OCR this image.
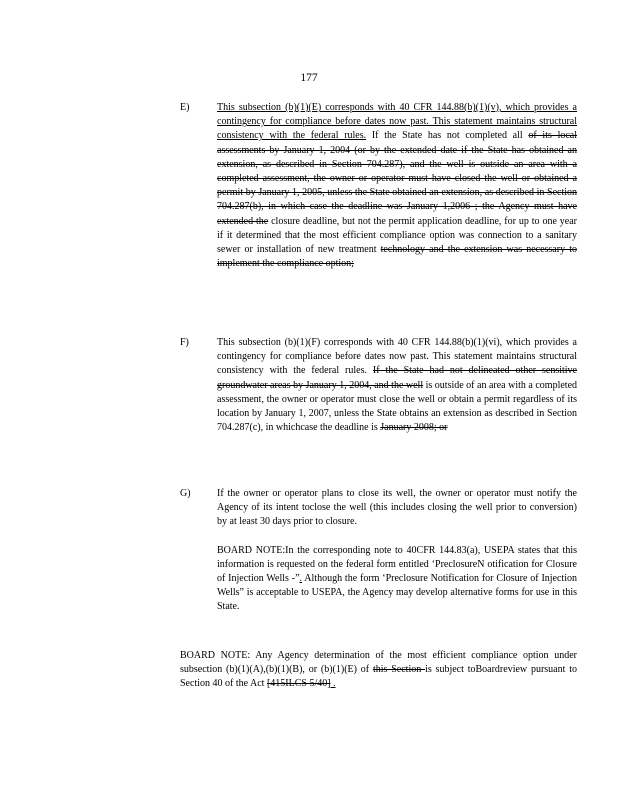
177
E)	This subsection (b)(1)(E) corresponds with 40 CFR 144.88(b)(1)(v), which provides a contingency for compliance before dates now past. This statement maintains structural consistency with the federal rules. If the State has not completed all of its local assessments by January 1, 2004 (or by the extended date if the State has obtained an extension, as described in Section 704.287), and the well is outside an area with a completed assessment, the owner or operator must have closed the well or obtained a permit by January 1, 2005, unless the State obtained an extension, as described in Section 704.287(b), in which case the deadline was January 1,2006 ; the Agency must have extended the closure deadline, but not the permit application deadline, for up to one year if it determined that the most efficient compliance option was connection to a sanitary sewer or installation of new treatment technology and the extension was necessary to implement the compliance option;

F)	This subsection (b)(1)(F) corresponds with 40 CFR 144.88(b)(1)(vi), which provides a contingency for compliance before dates now past. This statement maintains structural consistency with the federal rules. If the State had not delineated other sensitive groundwater areas by January 1, 2004, and the well is outside of an area with a completed assessment, the owner or operator must close the well or obtain a permit regardless of its location by January 1, 2007, unless the State obtains an extension as described in Section 704.287(c), in whichcase the deadline is January 2008; or

G)	If the owner or operator plans to close its well, the owner or operator must notify the Agency of its intent toclose the well (this includes closing the well prior to conversion) by at least 30 days prior to closure.

BOARD NOTE:In the corresponding note to 40CFR 144.83(a), USEPA states that this information is requested on the federal form entitled ‘PreclosureN otification for Closure of Injection Wells -”. Although the form ‘Preclosure Notification for Closure of Injection Wells” is acceptable to USEPA, the Agency may develop alternative forms for use in this State.

BOARD NOTE: Any Agency determination of the most efficient compliance option under subsection (b)(1)(A),(b)(1)(B), or (b)(1)(E) of this Section is subject toBoardreview pursuant to Section 40 of the Act [415ILCS 5/40] .
